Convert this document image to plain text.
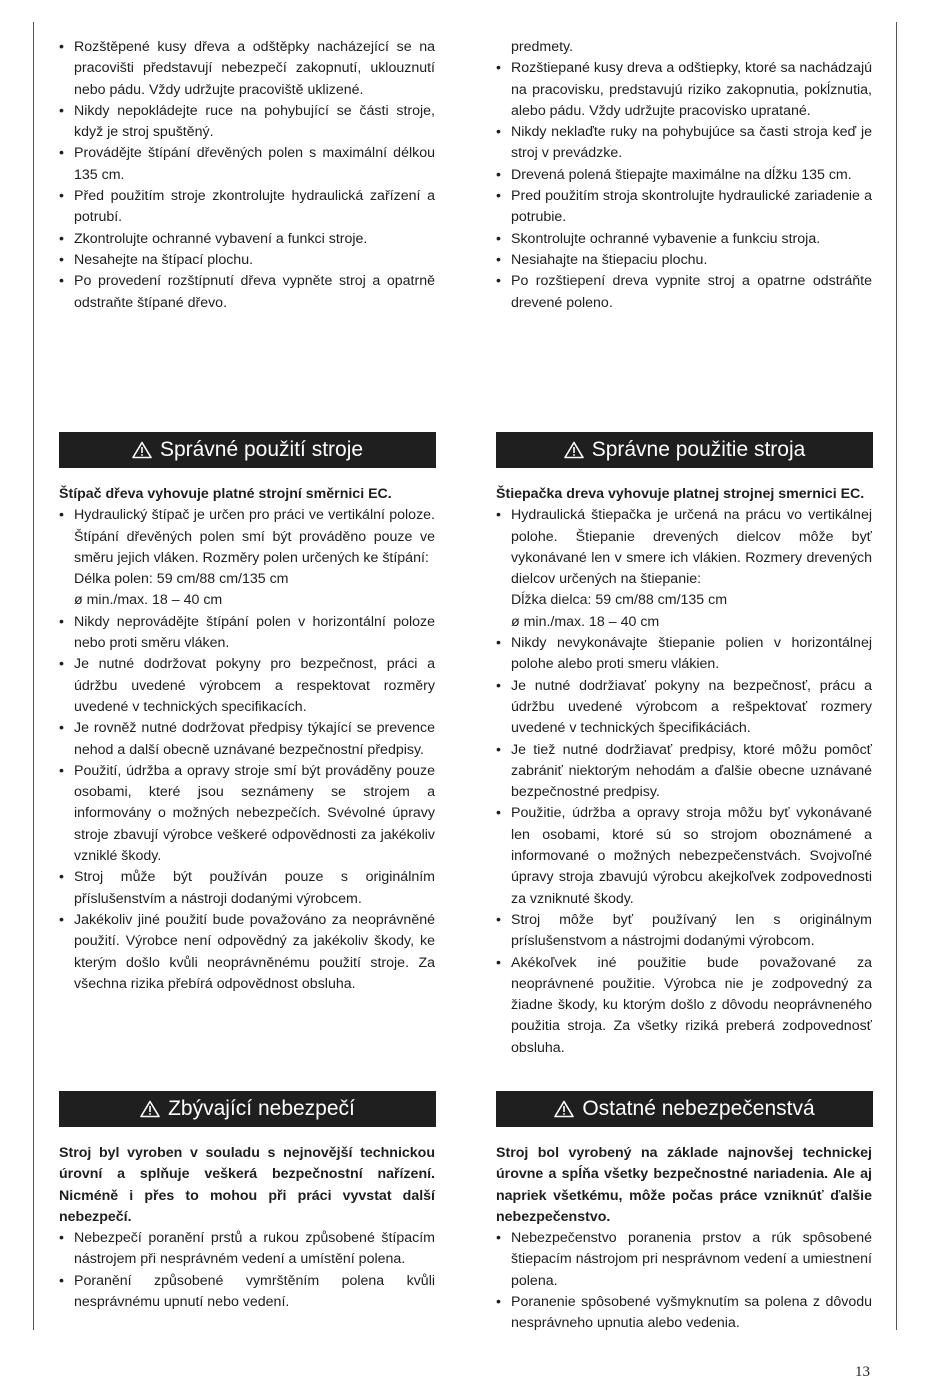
• Rozštěpené kusy dřeva a odštěpky nacházející se na pracovišti představují nebezpečí zakopnutí, uklouznutí nebo pádu. Vždy udržujte pracoviště uklizené.
• Nikdy nepokládejte ruce na pohybující se části stroje, když je stroj spuštěný.
• Provádějte štípání dřevěných polen s maximální délkou 135 cm.
• Před použitím stroje zkontrolujte hydraulická zařízení a potrubí.
• Zkontrolujte ochranné vybavení a funkci stroje.
• Nesahejte na štípací plochu.
• Po provedení rozštípnutí dřeva vypněte stroj a opatrně odstraňte štípané dřevo.
Správné použití stroje

Štípač dřeva vyhovuje platné strojní směrnici EC.

• Hydraulický štípač je určen pro práci ve vertikální poloze. Štípání dřevěných polen smí být prováděno pouze ve směru jejich vláken. Rozměry polen určených ke štípání:
Délka polen: 59 cm/88 cm/135 cm
ø min./max. 18 – 40 cm
• Nikdy neprovádějte štípání polen v horizontální poloze nebo proti směru vláken.
• Je nutné dodržovat pokyny pro bezpečnost, práci a údržbu uvedené výrobcem a respektovat rozměry uvedené v technických specifikacích.
• Je rovněž nutné dodržovat předpisy týkající se prevence nehod a další obecně uznávané bezpečnostní předpisy.
• Použití, údržba a opravy stroje smí být prováděny pouze osobami, které jsou seznámeny se strojem a informovány o možných nebezpečích. Svévolné úpravy stroje zbavují výrobce veškeré odpovědnosti za jakékoliv vzniklé škody.
• Stroj může být používán pouze s originálním příslušenstvím a nástroji dodanými výrobcem.
• Jakékoliv jiné použití bude považováno za neoprávněné použití. Výrobce není odpovědný za jakékoliv škody, ke kterým došlo kvůli neoprávněnému použití stroje. Za všechna rizika přebírá odpovědnost obsluha.
Zbývající nebezpečí

Stroj byl vyroben v souladu s nejnovější technickou úrovní a splňuje veškerá bezpečnostní nařízení. Nicméně i přes to mohou při práci vyvstat další nebezpečí.

• Nebezpečí poranění prstů a rukou způsobené štípacím nástrojem při nesprávném vedení a umístění polena.
• Poranění způsobené vymrštěním polena kvůli nesprávnému upnutí nebo vedení.
predmety.
• Rozštiepané kusy dreva a odštiepky, ktoré sa nachádzajú na pracovisku, predstavujú riziko zakopnutia, pokĺznutia, alebo pádu. Vždy udržujte pracovisko upratané.
• Nikdy nekla​ďte ruky na pohybujúce sa časti stroja keď je stroj v prevádzke.
• Drevená polená štiepajte maximálne na dĺžku 135 cm.
• Pred použitím stroja skontrolujte hydraulické zariadenie a potrubie.
• Skontrolujte ochranné vybavenie a funkciu stroja.
• Nesiahajte na štiepaciu plochu.
• Po rozštiepení dreva vypnite stroj a opatrne odstráňte drevené poleno.
Správne použitie stroja

Štiepačka dreva vyhovuje platnej strojnej smernici EC.

• Hydraulická štiepačka je určená na prácu vo vertikálnej polohe. Štiepanie drevených dielcov môže byť vykonávané len v smere ich vlákien. Rozmery drevených dielcov určených na štiepanie:
Dĺžka dielca: 59 cm/88 cm/135 cm
ø min./max. 18 – 40 cm
• Nikdy nevykonávajte štiepanie polien v horizontálnej polohe alebo proti smeru vlákien.
• Je nutné dodržiavať pokyny na bezpečnosť, prácu a údržbu uvedené výrobcom a rešpektovať rozmery uvedené v technických špecifikáciách.
• Je tiež nutné dodržiavať predpisy, ktoré môžu pomôcť zabrániť niektorým nehodám a ďalšie obecne uznávané bezpečnostné predpisy.
• Použitie, údržba a opravy stroja môžu byť vykonávané len osobami, ktoré sú so strojom oboznámené a informované o možných nebezpečenstvách. Svojvoľné úpravy stroja zbavujú výrobcu akejkoľvek zodpovednosti za vzniknuté škody.
• Stroj môže byť používaný len s originálnym príslušenstvom a nástrojmi dodanými výrobcom.
• Akékoľvek iné použitie bude považované za neoprávnené použitie. Výrobca nie je zodpovedný za žiadne škody, ku ktorým došlo z dôvodu neoprávneného použitia stroja. Za všetky riziká preberá zodpovednosť obsluha.
Ostatné nebezpečenstvá

Stroj bol vyrobený na základe najnovšej technickej úrovne a spĺňa všetky bezpečnostné nariadenia. Ale aj napriek všetkému, môže počas práce vzniknúť ďalšie nebezpečenstvo.

• Nebezpečenstvo poranenia prstov a rúk spôsobené štiepacím nástrojom pri nesprávnom vedení a umiestnení polena.
• Poranenie spôsobené vyšmyknutím sa polena z dôvodu nesprávneho upnutia alebo vedenia.
13
